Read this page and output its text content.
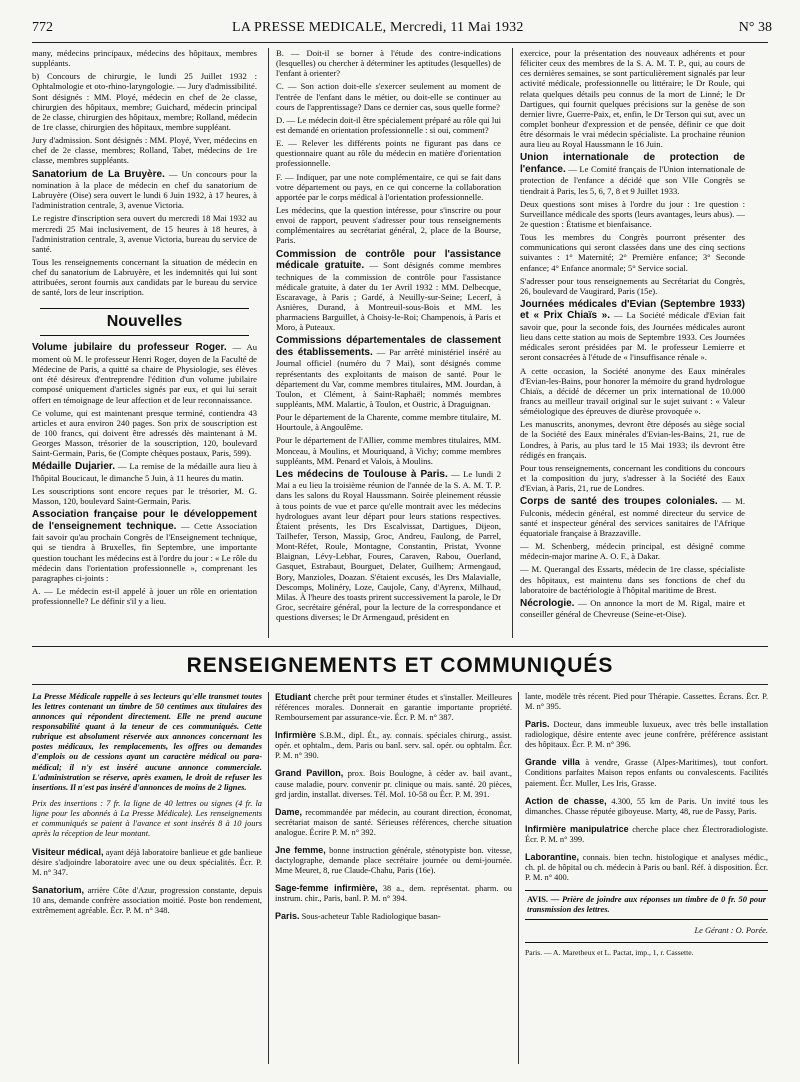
772	LA PRESSE MEDICALE, Mercredi, 11 Mai 1932	N° 38

many, médecins principaux, médecins des hôpitaux, membres suppléants.

b) Concours de chirurgie, le lundi 25 Juillet 1932 : Ophtalmologie et oto-rhino-laryngologie. — Jury d'admissibilité. Sont désignés : MM. Ployé, médecin en chef de 2e classe, chirurgien des hôpitaux, membre; Guichard, médecin principal de 2e classe, chirurgien des hôpitaux, membre; Rolland, médecin de 1re classe, chirurgien des hôpitaux, membre suppléant.

Jury d'admission. Sont désignés : MM. Ployé, Yver, médecins en chef de 2e classe, membres; Rolland, Tabet, médecins de 1re classe, membres suppléants.

Sanatorium de La Bruyère. — Un concours pour la nomination à la place de médecin en chef du sanatorium de Labruyère (Oise) sera ouvert le lundi 6 Juin 1932, à 17 heures, à l'administration centrale, 3, avenue Victoria.

Le registre d'inscription sera ouvert du mercredi 18 Mai 1932 au mercredi 25 Mai inclusivement, de 15 heures à 18 heures, à l'administration centrale, 3, avenue Victoria, bureau du service de santé.

Tous les renseignements concernant la situation de médecin en chef du sanatorium de Labruyère, et les indemnités qui lui sont attribuées, seront fournis aux candidats par le bureau du service de santé, lors de leur inscription.

Nouvelles

Volume jubilaire du professeur Roger. — Au moment où M. le professeur Henri Roger, doyen de la Faculté de Médecine de Paris, a quitté sa chaire de Physiologie, ses élèves ont été désireux d'entreprendre l'édition d'un volume jubilaire composé uniquement d'articles signés par eux, et qui lui serait offert en témoignage de leur affection et de leur reconnaissance.

Ce volume, qui est maintenant presque terminé, contiendra 43 articles et aura environ 240 pages. Son prix de souscription est de 100 francs, qui doivent être adressés dès maintenant à M. Georges Masson, trésorier de la souscription, 120, boulevard Saint-Germain, Paris, 6e (Compte chèques postaux, Paris, 599).

Médaille Dujarier. — La remise de la médaille aura lieu à l'hôpital Boucicaut, le dimanche 5 Juin, à 11 heures du matin.

Les souscriptions sont encore reçues par le trésorier, M. G. Masson, 120, boulevard Saint-Germain, Paris.

Association française pour le développement de l'enseignement technique. — Cette Association fait savoir qu'au prochain Congrès de l'Enseignement technique, qui se tiendra à Bruxelles, fin Septembre, une importante question touchant les médecins est à l'ordre du jour : « Le rôle du médecin dans l'orientation professionnelle », comprenant les paragraphes ci-joints :

A. — Le médecin est-il appelé à jouer un rôle en orientation professionnelle? Le définir s'il y a lieu.

B. — Doit-il se borner à l'étude des contre-indications (lesquelles) ou chercher à déterminer les aptitudes (lesquelles) de l'enfant à orienter?

C. — Son action doit-elle s'exercer seulement au moment de l'entrée de l'enfant dans le métier, ou doit-elle se continuer au cours de l'apprentissage? Dans ce dernier cas, sous quelle forme?

D. — Le médecin doit-il être spécialement préparé au rôle qui lui est demandé en orientation professionnelle : si oui, comment?

E. — Relever les différents points ne figurant pas dans ce questionnaire quant au rôle du médecin en matière d'orientation professionnelle.

F. — Indiquer, par une note complémentaire, ce qui se fait dans votre département ou pays, en ce qui concerne la collaboration apportée par le corps médical à l'orientation professionnelle.

Les médecins, que la question intéresse, pour s'inscrire ou pour envoi de rapport, peuvent s'adresser pour tous renseignements complémentaires au secrétariat général, 2, place de la Bourse, Paris.

Commission de contrôle pour l'assistance médicale gratuite. — Sont désignés comme membres techniques de la commission de contrôle pour l'assistance médicale gratuite, à dater du 1er Avril 1932 : MM. Delbecque, Escaravage, à Paris ; Gardé, à Neuilly-sur-Seine; Lecerf, à Asnières, Durand, à Montreuil-sous-Bois et MM. les pharmaciens Barguillet, à Choisy-le-Roi; Champenois, à Paris et Moro, à Puteaux.

Commissions départementales de classement des établissements. — Par arrêté ministériel inséré au Journal officiel (numéro du 7 Mai), sont désignés comme représentants des exploitants de maison de santé. Pour le département du Var, comme membres titulaires, MM. Jourdan, à Toulon, et Clément, à Saint-Raphaël; nommés membres suppléants, MM. Malartic, à Toulon, et Oustric, à Draguignan.

Pour le département de la Charente, comme membre titulaire, M. Hourtoule, à Angoulême.

Pour le département de l'Allier, comme membres titulaires, MM. Monceau, à Moulins, et Mouriquand, à Vichy; comme membres suppléants, MM. Penard et Valois, à Moulins.

Les médecins de Toulouse à Paris. — Le lundi 2 Mai a eu lieu la troisième réunion de l'année de la S. A. M. T. P. dans les salons du Royal Haussmann. Soirée pleinement réussie à tous points de vue et parce qu'elle montrait avec les médecins hydrologues avant leur départ pour leurs stations respectives. Étaient présents, les Drs Escalvissat, Dartigues, Dijeon, Tailhefer, Terson, Massip, Groc, Andreu, Faulong, de Parrel, Mont-Réfet, Roule, Montagne, Constantin, Pristat, Yvonne Blaignan, Lévy-Lebhar, Foures, Caraven, Rabou, Ouerland, Gasquet, Estrabaut, Bourguet, Delater, Guilhem; Armengaud, Bory, Manzioles, Doazan. S'étaient excusés, les Drs Malavialle, Descomps, Molinéry, Loze, Caujole, Cany, d'Ayrenx, Milhaud, Milas. À l'heure des toasts prirent successivement la parole, le Dr Groc, secrétaire général, pour la lecture de la correspondance et questions diverses; le Dr Armengaud, président en

exercice, pour la présentation des nouveaux adhérents et pour féliciter ceux des membres de la S. A. M. T. P., qui, au cours de ces dernières semaines, se sont particulièrement signalés par leur activité médicale, professionnelle ou littéraire; le Dr Roule, qui relata quelques détails peu connus de la mort de Linné; le Dr Dartigues, qui fournit quelques précisions sur la genèse de son dernier livre, Guerre-Paix, et, enfin, le Dr Terson qui sut, avec un complet bonheur d'expression et de pensée, définir ce que doit être désormais le vrai médecin spécialiste. La prochaine réunion aura lieu au Royal Haussmann le 16 Juin.

Union internationale de protection de l'enfance. — Le Comité français de l'Union internationale de protection de l'enfance a décidé que son VIIe Congrès se tiendrait à Paris, les 5, 6, 7, 8 et 9 Juillet 1933.

Deux questions sont mises à l'ordre du jour : 1re question : Surveillance médicale des sports (leurs avantages, leurs abus). — 2e question : Étatisme et bienfaisance.

Tous les membres du Congrès pourront présenter des communications qui seront classées dans une des cinq sections suivantes : 1° Maternité; 2° Première enfance; 3° Seconde enfance; 4° Enfance anormale; 5° Service social.

S'adresser pour tous renseignements au Secrétariat du Congrès, 26, boulevard de Vaugirard, Paris (15e).

Journées médicales d'Evian (Septembre 1933) et « Prix Chiaïs ». — La Société médicale d'Evian fait savoir que, pour la seconde fois, des Journées médicales auront lieu dans cette station au mois de Septembre 1933. Ces Journées médicales seront présidées par M. le professeur Lemierre et seront consacrées à l'étude de « l'insuffisance rénale ».

A cette occasion, la Société anonyme des Eaux minérales d'Evian-les-Bains, pour honorer la mémoire du grand hydrologue Chiaïs, a décidé de décerner un prix international de 10.000 francs au meilleur travail original sur le sujet suivant : « Valeur séméiologique des épreuves de diurèse provoquée ».

Les manuscrits, anonymes, devront être déposés au siège social de la Société des Eaux minérales d'Evian-les-Bains, 21, rue de Londres, à Paris, au plus tard le 15 Mai 1933; ils devront être rédigés en français.

Pour tous renseignements, concernant les conditions du concours et la composition du jury, s'adresser à la Société des Eaux d'Evian, à Paris, 21, rue de Londres.

Corps de santé des troupes coloniales. — M. Fulconis, médecin général, est nommé directeur du service de santé et inspecteur général des services sanitaires de l'Afrique équatoriale française à Brazzaville.

— M. Schenberg, médecin principal, est désigné comme médecin-major marine A. O. F., à Dakar.

— M. Querangal des Essarts, médecin de 1re classe, spécialiste des hôpitaux, est maintenu dans ses fonctions de chef du laboratoire de bactériologie à l'hôpital maritime de Brest.

Nécrologie. — On annonce la mort de M. Rigal, maire et conseiller général de Chevreuse (Seine-et-Oise).

RENSEIGNEMENTS ET COMMUNIQUÉS

La Presse Médicale rappelle à ses lecteurs qu'elle transmet toutes les lettres contenant un timbre de 50 centimes aux titulaires des annonces qui répondent directement. Elle ne prend aucune responsabilité quant à la teneur de ces communiqués. Cette rubrique est absolument réservée aux annonces concernant les postes médicaux, les remplacements, les offres ou demandes d'emplois ou de cessions ayant un caractère médical ou para-médical; il n'y est inséré aucune annonce commerciale. L'administration se réserve, après examen, le droit de refuser les insertions. Il n'est pas inséré d'annonces de moins de 2 lignes.

Prix des insertions : 7 fr. la ligne de 40 lettres ou signes (4 fr. la ligne pour les abonnés à La Presse Médicale). Les renseignements et communiqués se paient à l'avance et sont insérés 8 à 10 jours après la réception de leur montant.

Visiteur médical, ayant déjà laboratoire banlieue et gde banlieue désire s'adjoindre laboratoire avec une ou deux spécialités. Écr. P. M. n° 347.

Sanatorium, arrière Côte d'Azur, progression constante, depuis 10 ans, demande confrère association moitié. Poste bon rendement, extrêmement agréable. Écr. P. M. n° 348.

Etudiant cherche prêt pour terminer études et s'installer. Meilleures références morales. Donnerait en garantie importante propriété. Remboursement par assurance-vie. Écr. P. M. n° 387.

Infirmière S.B.M., dipl. Ét., ay. connais. spéciales chirurg., assist. opér. et ophtalm., dem. Paris ou banl. serv. sal. opér. ou ophtalm. Écr. P. M. n° 390.

Grand Pavillon, prox. Bois Boulogne, à céder av. bail avant., cause maladie, pourv. convenir pr. clinique ou mais. santé. 20 pièces, grd jardin, installat. diverses. Tél. Mol. 10-58 ou Écr. P. M. 391.

Dame, recommandée par médecin, au courant direction, économat, secrétariat maison de santé. Sérieuses références, cherche situation analogue. Écrire P. M. n° 392.

Jne femme, bonne instruction générale, sténotypiste bon. vitesse, dactylographe, demande place secrétaire journée ou demi-journée. Mme Meuret, 8, rue Claude-Chahu, Paris (16e).

Sage-femme infirmière, 38 a., dem. représentat. pharm. ou instrum. chir., Paris, banl. P. M. n° 394.

Paris. Sous-acheteur Table Radiologique basan-

lante, modèle très récent. Pied pour Thérapie. Cassettes. Écrans. Écr. P. M. n° 395.

Paris. Docteur, dans immeuble luxueux, avec très belle installation radiologique, désire entente avec jeune confrère, préférence assistant des hôpitaux. Écr. P. M. n° 396.

Grande villa à vendre, Grasse (Alpes-Maritimes), tout confort. Conditions parfaites Maison repos enfants ou convalescents. Facilités paiement. Écr. Muller, Les Iris, Grasse.

Action de chasse, 4.300, 55 km de Paris. Un invité tous les dimanches. Chasse réputée giboyeuse. Marty, 48, rue de Passy, Paris.

Infirmière manipulatrice cherche place chez Électroradiologiste. Écr. P. M. n° 399.

Laborantine, connais. bien techn. histologique et analyses médic., ch. pl. de hôpital ou ch. médecin à Paris ou banl. Réf. à disposition. Écr. P. M. n° 400.

AVIS. — Prière de joindre aux réponses un timbre de 0 fr. 50 pour transmission des lettres.

Le Gérant : O. Porée.

Paris. — A. Maretheux et L. Pactat, imp., 1, r. Cassette.
